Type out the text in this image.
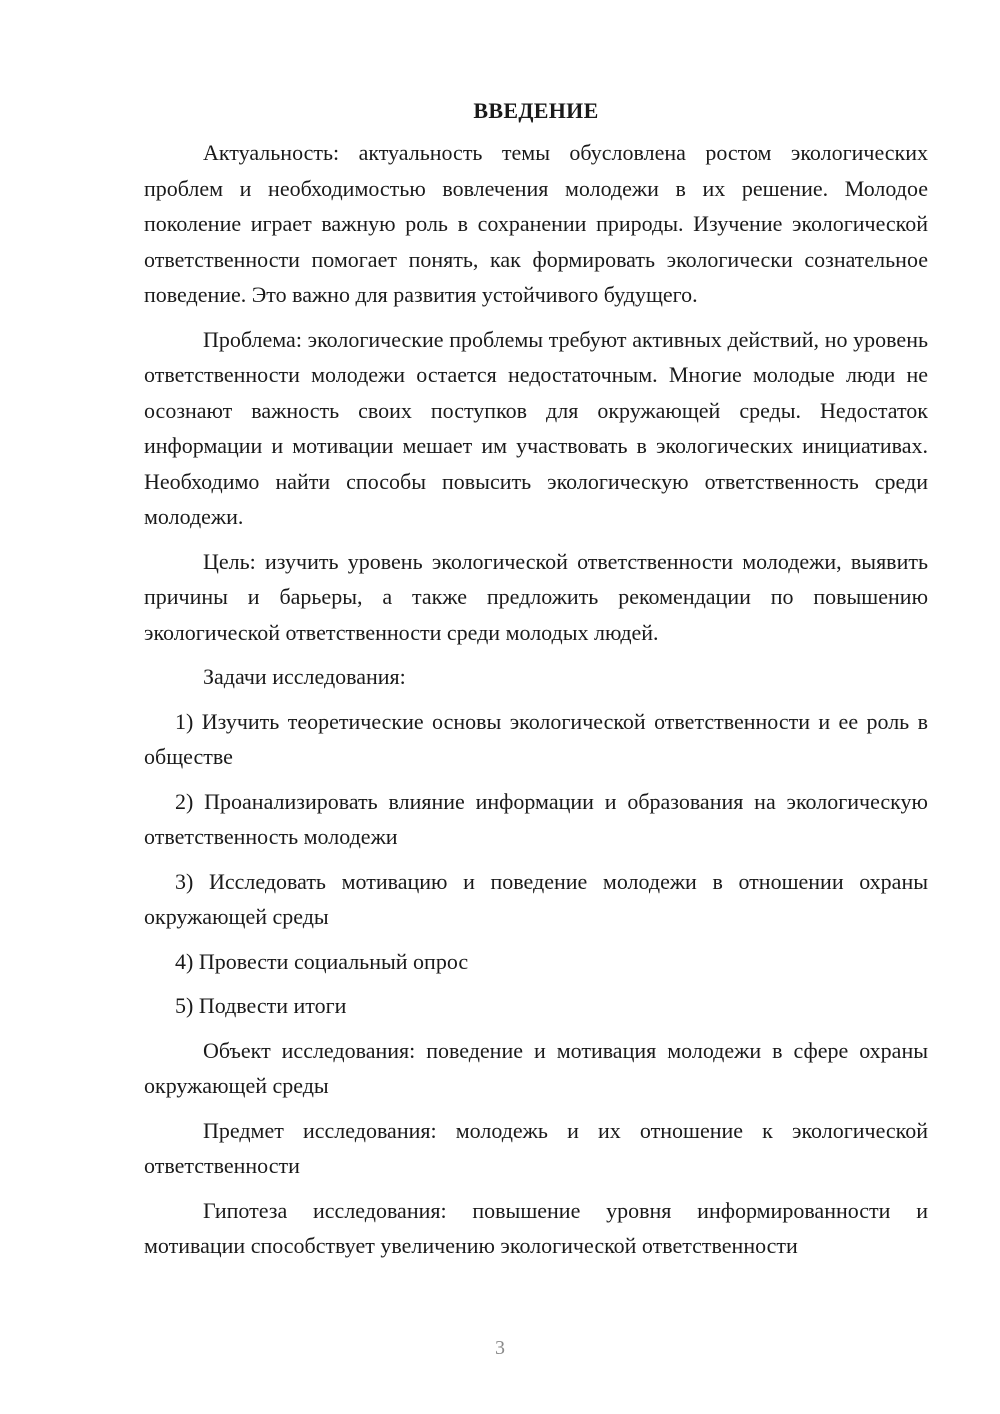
ВВЕДЕНИЕ

Актуальность: актуальность темы обусловлена ростом экологических проблем и необходимостью вовлечения молодежи в их решение. Молодое поколение играет важную роль в сохранении природы. Изучение экологической ответственности помогает понять, как формировать экологически сознательное поведение. Это важно для развития устойчивого будущего.

Проблема: экологические проблемы требуют активных действий, но уровень ответственности молодежи остается недостаточным. Многие молодые люди не осознают важность своих поступков для окружающей среды. Недостаток информации и мотивации мешает им участвовать в экологических инициативах. Необходимо найти способы повысить экологическую ответственность среди молодежи.

Цель: изучить уровень экологической ответственности молодежи, выявить причины и барьеры, а также предложить рекомендации по повышению экологической ответственности среди молодых людей.

Задачи исследования:

1) Изучить теоретические основы экологической ответственности и ее роль в обществе

2) Проанализировать влияние информации и образования на экологическую ответственность молодежи

3) Исследовать мотивацию и поведение молодежи в отношении охраны окружающей среды

4) Провести социальный опрос

5) Подвести итоги

Объект исследования: поведение и мотивация молодежи в сфере охраны окружающей среды

Предмет исследования: молодежь и их отношение к экологической ответственности

Гипотеза исследования: повышение уровня информированности и мотивации способствует увеличению экологической ответственности

3
